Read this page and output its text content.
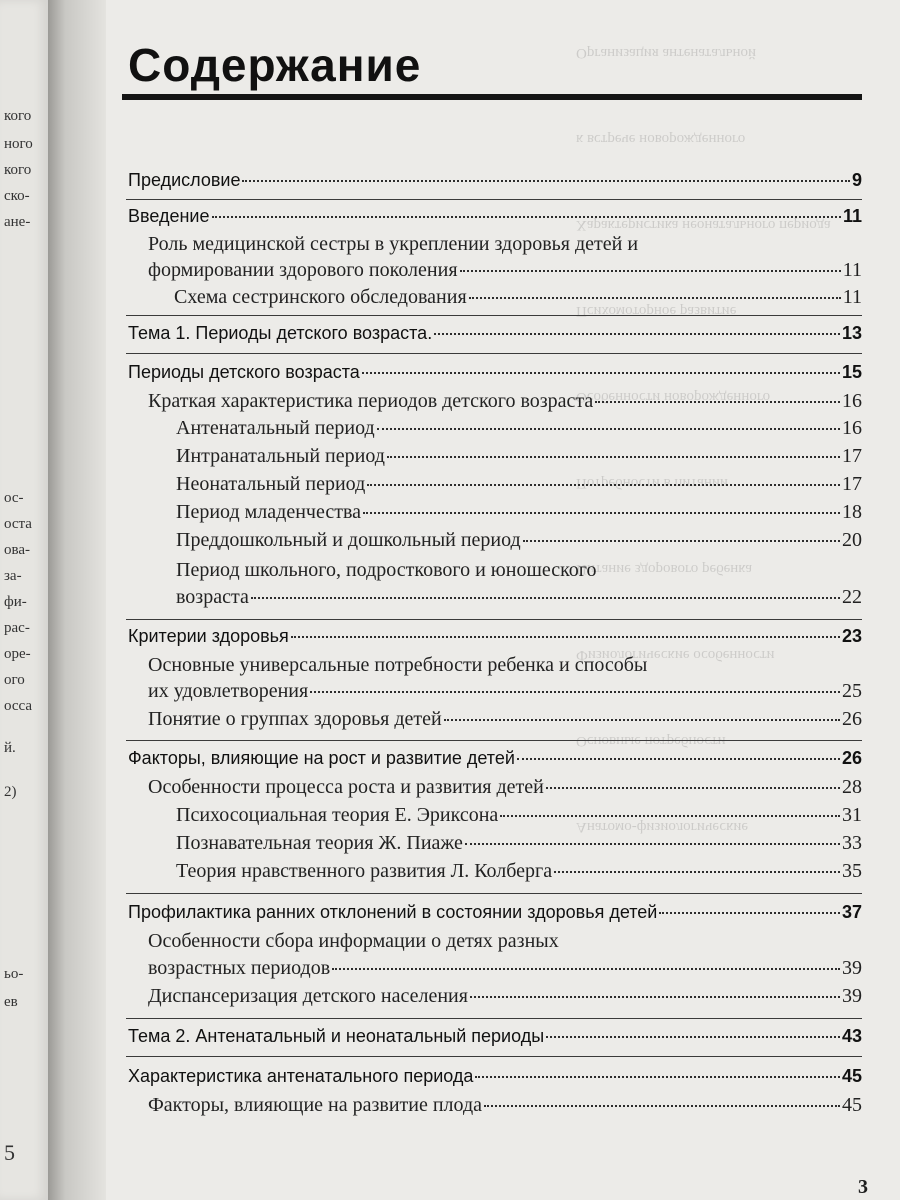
кого
ного
кого
ско-
ане-
ос-
оста
ова-
за-
фи-
рас-
оре-
ого
осса
й.
2)
ьо-
ев
5
Организация антенатальной
к встрече новорожденного
Характеристика неонатального периода
Психомоторное развитие
Особенности новорожденного
Потребности в питании
Питание здорового ребенка
Физиологические особенности
Основные потребности
Анатомо-физиологические
Содержание
Предисловие	9
Введение	11
Роль медицинской сестры в укреплении здоровья детей и
формировании здорового поколения	11
Схема сестринского обследования	11
Тема 1. Периоды детского возраста.	13
Периоды детского возраста	15
Краткая характеристика периодов детского возраста	16
Антенатальный период	16
Интранатальный период	17
Неонатальный период	17
Период младенчества	18
Преддошкольный и дошкольный период	20
Период школьного, подросткового и юношеского
возраста	22
Критерии здоровья	23
Основные универсальные потребности ребенка и способы
их удовлетворения	25
Понятие о группах здоровья детей	26
Факторы, влияющие на рост и развитие детей	26
Особенности процесса роста и развития детей	28
Психосоциальная теория Е. Эриксона	31
Познавательная теория Ж. Пиаже	33
Теория нравственного развития Л. Колберга	35
Профилактика ранних отклонений в состоянии здоровья детей	37
Особенности сбора информации о детях разных
возрастных периодов	39
Диспансеризация детского населения	39
Тема 2. Антенатальный и неонатальный периоды	43
Характеристика антенатального периода	45
Факторы, влияющие на развитие плода	45
3
